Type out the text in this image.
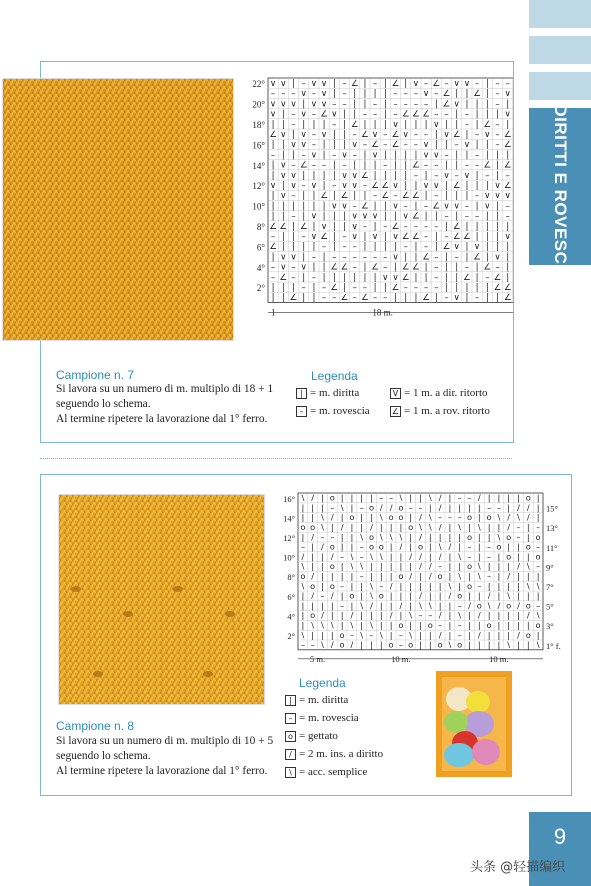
DIRITTI E ROVESCI
∨ ∨ | – ∨ ∨ | – ∠ | – | ∠ | ∨ – ∠ – ∨ ∨ – | – –
– – – ∨ – ∨ | – | | | | – – – ∨ – ∠ | | ∠ | – ∨
∨ ∨ ∨ | ∨ ∨ – – | | – | – – – – | ∠ ∨ | | | – |
∨ | – ∨ – ∠ ∨ | | – – | – ∠ ∠ ∠ – – | – | | | ∨
| | – | | | – | ∠ | | | ∨ | | | ∨ | | – | ∠ – |
∠ ∨ | ∨ – ∨ | | – ∠ ∨ – ∠ ∨ – – | ∨ ∠ | – ∨ – ∠
| | ∨ ∨ – | | | ∨ – ∠ – ∠ – – ∨ | | – ∨ | | – ∠
– | | – ∨ | – ∨ – | ∨ | | | | ∨ ∨ – | | – | | |
| ∨ – ∠ – – | – | | | – | | ∠ – – | | – – ∠ | ∠
| ∨ ∨ | | | | ∨ ∨ ∠ | | | | – | – ∨ – ∨ | – | –
∨ | ∨ – ∨ | – ∨ ∨ – ∠ ∠ ∨ | | ∨ ∨ | ∠ | | | ∨ ∠
| ∨ – | | ∠ | ∠ | | – ∠ – ∠ ∠ | – | | | – ∨ ∨ ∨
| | | | | | ∨ ∨ – ∠ | | ∨ – | – ∠ ∨ ∨ – | ∨ | –
| | – | ∨ | | | ∨ ∨ ∨ | | ∨ ∠ | | – | – – | | –
∠ ∠ | ∠ | ∨ | | ∨ – | – ∠ – – – – | ∠ | | | | |
– | | – ∨ ∠ | – ∨ | ∨ | ∨ ∠ ∠ – | – ∠ ∠ | | | ∨
∠ | | | | – | – – | | | | – | – | ∠ ∨ | ∨ | | |
| ∨ ∨ | – | – – – – – – ∨ | | ∠ – | – | ∠ | ∨ |
– ∨ – ∨ | | ∠ ∠ – | ∠ – | ∠ ∠ | – | | – | ∠ – |
– ∠ – | – | | | | | | ∨ ∨ ∠ | | – | | ∠ | – ∠ |
| | | – | – ∠ | – – | | ∠ – – – – | | | | | ∠ ∠
| | ∠ | | – – ∠ – ∠ – – | | | ∠ | – ∨ | – | | ∠
22°
20°
18°
16°
14°
12°
10°
8°
6°
4°
2°
1	18 m.
Campione n. 7
Si lavora su un numero di m. multiplo di 18 + 1
seguendo lo schema.
Al termine ripetere la lavorazione dal 1° ferro.
Legenda
| = m. diritta
– = m. rovescia
V = 1 m. a dir. ritorto
∠ = 1 m. a rov. ritorto
\ / | o | | | | – – \ | | \ / | – – / | | | | o |
| | | – \ | – o / / o – – | / | | | | – – | / / |
| | \ / | o | | \ o o | / \ – – – o | o \ / \ / |
o o \ | / | | / | | | o \ \ / | \ | \ | | / – | –
| / – – | | \ o \ \ \ | / | | | | o | | \ o – | o
– | / o | | – o o | / | o | \ / | – | – o | | o –
/ | | / – \ – \ \ | | / / | / | \ – | – | o | | o
\ | | o | \ \ | | | | | / / – | | o \ | | | / \ –
o / | | | | – | | | o / | / o | \ | \ – | / | | |
\ o | o – | | \ – / | | | | | \ | o – | | | | \ \
| / – / | o | \ o | | | / | | / o | | / | \ | | |
| | | | – | \ / | | / | \ \ | | – / o \ / o / o –
| o / | | / | | | / | \ – – / | \ | / | | | | / \
| \ \ \ | \ | \ | | o | | o – | – | | o | | | | o
\ | | | o – \ – \ | – \ | | / | – | / | | | / o |
– – \ / o / | | | o – o | | o \ o | | | | \ | | \
16°
14°
12°
10°
8°
6°
4°
2°
15°
13°
11°
9°
7°
5°
3°
1° f.
5 m.	10 m.	10 m.
Campione n. 8
Si lavora su un numero di m. multiplo di 10 + 5
seguendo lo schema.
Al termine ripetere la lavorazione dal 1° ferro.
Legenda
| = m. diritta
– = m. rovescia
o = gettato
/ = 2 m. ins. a diritto
\ = acc. semplice
9
头条 @轻描编织
